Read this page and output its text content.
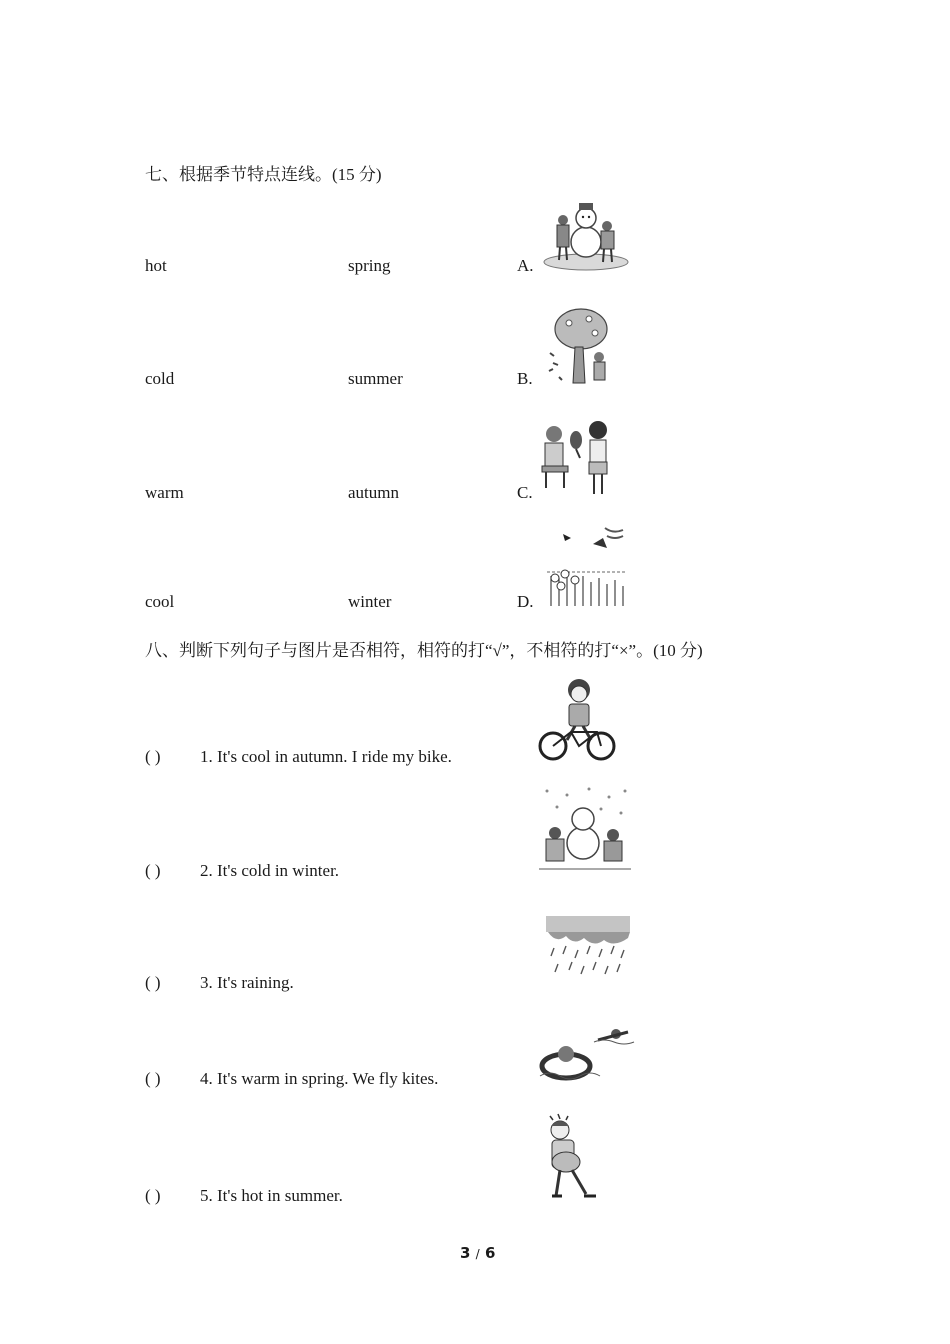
七、根据季节特点连线。(15 分)
hot	spring	A.
cold	summer	B.
warm	autumn	C.
cool	winter	D.
八、判断下列句子与图片是否相符，相符的打“√”，不相符的打“×”。(10 分)
( ) 1. It's cool in autumn. I ride my bike.
( ) 2. It's cold in winter.
( ) 3. It's raining.
( ) 4. It's warm in spring. We fly kites.
( ) 5. It's hot in summer.
3 / 6
